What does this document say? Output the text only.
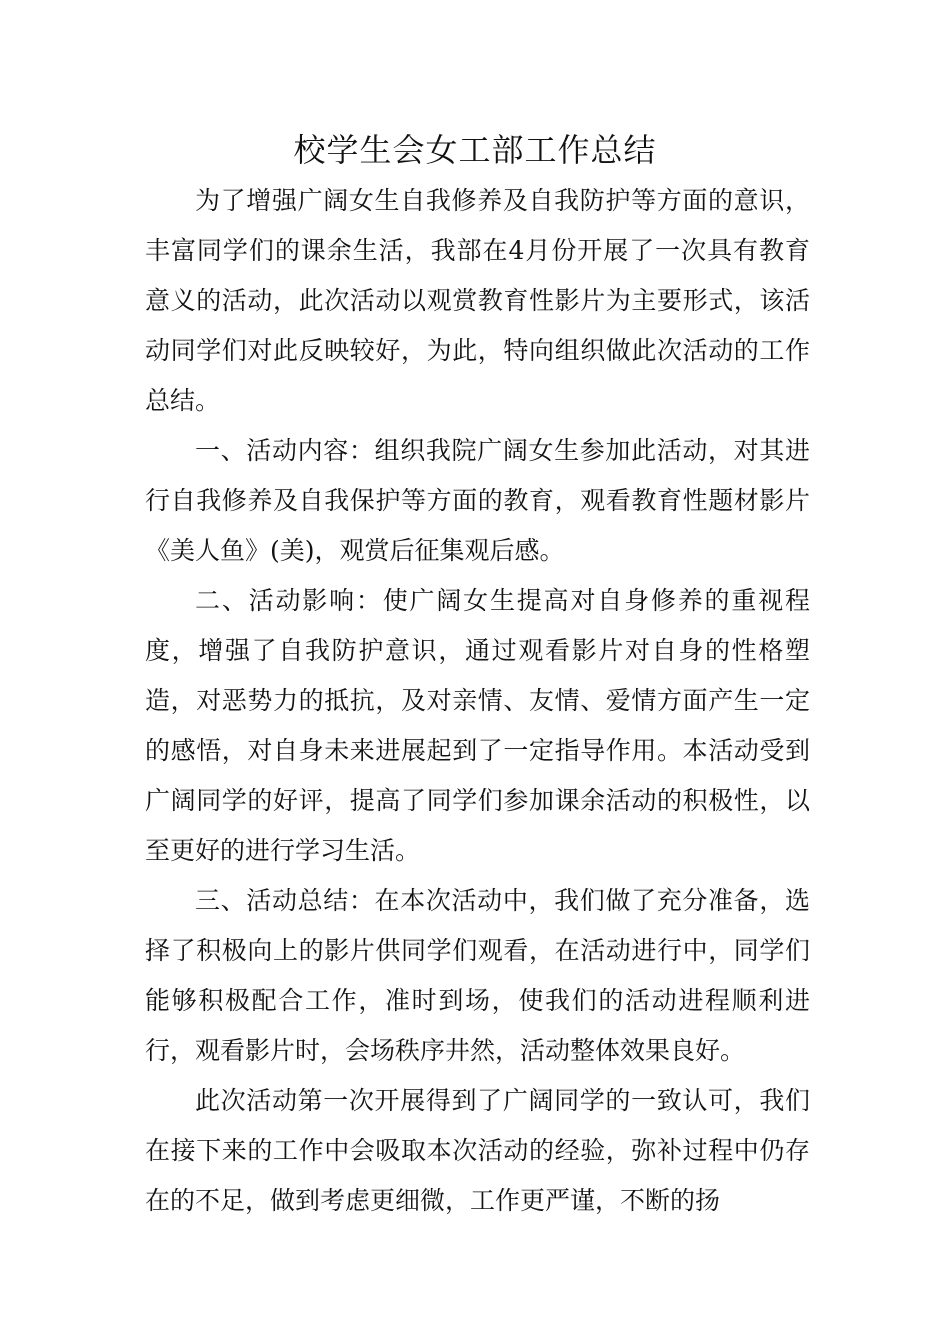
校学生会女工部工作总结

为了增强广阔女生自我修养及自我防护等方面的意识，丰富同学们的课余生活，我部在4月份开展了一次具有教育意义的活动，此次活动以观赏教育性影片为主要形式，该活动同学们对此反映较好，为此，特向组织做此次活动的工作总结。

一、活动内容：组织我院广阔女生参加此活动，对其进行自我修养及自我保护等方面的教育，观看教育性题材影片《美人鱼》(美)，观赏后征集观后感。

二、活动影响：使广阔女生提高对自身修养的重视程度，增强了自我防护意识，通过观看影片对自身的性格塑造，对恶势力的抵抗，及对亲情、友情、爱情方面产生一定的感悟，对自身未来进展起到了一定指导作用。本活动受到广阔同学的好评，提高了同学们参加课余活动的积极性，以至更好的进行学习生活。

三、活动总结：在本次活动中，我们做了充分准备，选择了积极向上的影片供同学们观看，在活动进行中，同学们能够积极配合工作，准时到场，使我们的活动进程顺利进行，观看影片时，会场秩序井然，活动整体效果良好。

此次活动第一次开展得到了广阔同学的一致认可，我们在接下来的工作中会吸取本次活动的经验，弥补过程中仍存在的不足，做到考虑更细微，工作更严谨，不断的扬
